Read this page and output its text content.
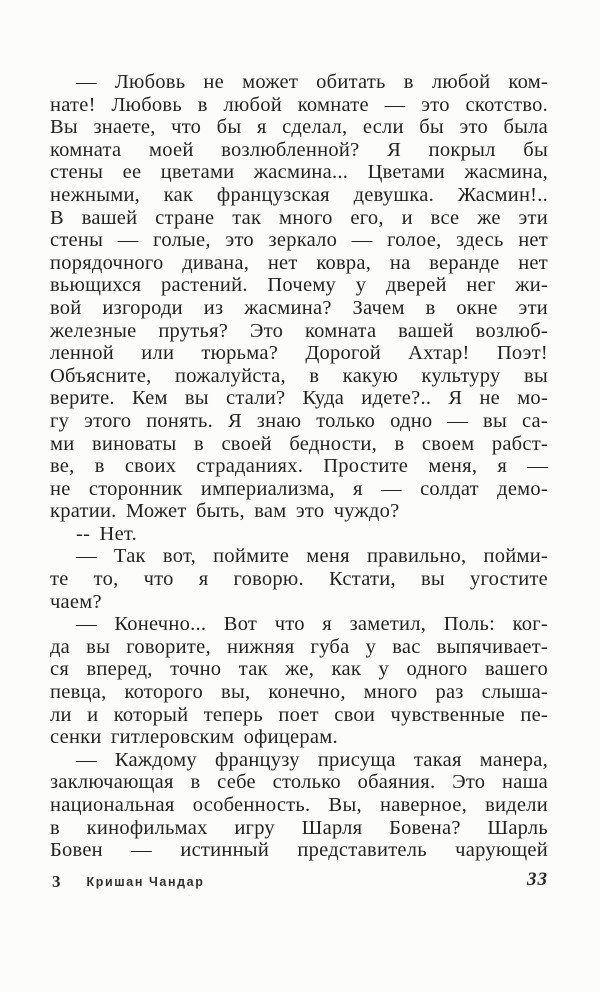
— Любовь не может обитать в любой ком-
нате! Любовь в любой комнате — это скотство.
Вы знаете, что бы я сделал, если бы это была
комната моей возлюбленной? Я покрыл бы
стены ее цветами жасмина... Цветами жасмина,
нежными, как французская девушка. Жасмин!..
В вашей стране так много его, и все же эти
стены — голые, это зеркало — голое, здесь нет
порядочного дивана, нет ковра, на веранде нет
вьющихся растений. Почему у дверей нег жи-
вой изгороди из жасмина? Зачем в окне эти
железные прутья? Это комната вашей возлюб-
ленной или тюрьма? Дорогой Ахтар! Поэт!
Объясните, пожалуйста, в какую культуру вы
верите. Кем вы стали? Куда идете?.. Я не мо-
гу этого понять. Я знаю только одно — вы са-
ми виноваты в своей бедности, в своем рабст-
ве, в своих страданиях. Простите меня, я —
не сторонник империализма, я — солдат демо-
кратии. Может быть, вам это чуждо?
-- Нет.
— Так вот, поймите меня правильно, пойми-
те то, что я говорю. Кстати, вы угостите
чаем?
— Конечно... Вот что я заметил, Поль: ког-
да вы говорите, нижняя губа у вас выпячивает-
ся вперед, точно так же, как у одного вашего
певца, которого вы, конечно, много раз слыша-
ли и который теперь поет свои чувственные пе-
сенки гитлеровским офицерам.
— Каждому французу присуща такая манера,
заключающая в себе столько обаяния. Это наша
национальная особенность. Вы, наверное, видели
в кинофильмах игру Шарля Бовена? Шарль
Бовен — истинный представитель чарующей
3 $^{Кришан Чандар}$	33
